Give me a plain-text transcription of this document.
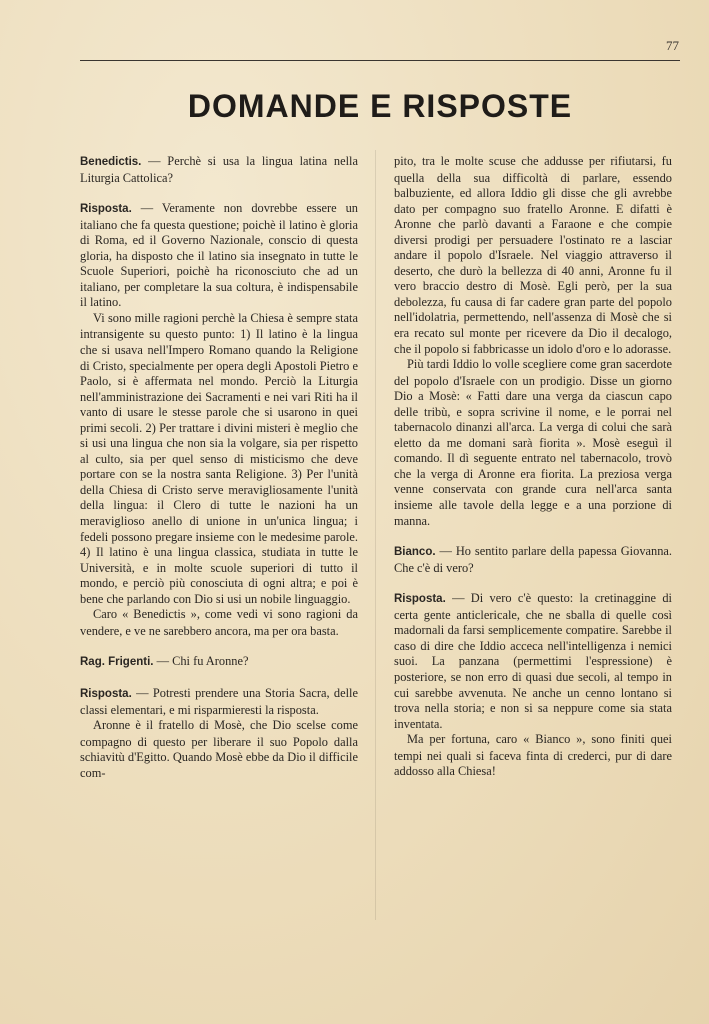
77
DOMANDE E RISPOSTE

Benedictis. — Perchè si usa la lingua latina nella Liturgia Cattolica?

Risposta. — Veramente non dovrebbe essere un italiano che fa questa questione; poichè il latino è gloria di Roma, ed il Governo Nazionale, conscio di questa gloria, ha disposto che il latino sia insegnato in tutte le Scuole Superiori, poichè ha riconosciuto che ad un italiano, per completare la sua coltura, è indispensabile il latino.

Vi sono mille ragioni perchè la Chiesa è sempre stata intransigente su questo punto: 1) Il latino è la lingua che si usava nell'Impero Romano quando la Religione di Cristo, specialmente per opera degli Apostoli Pietro e Paolo, si è affermata nel mondo. Perciò la Liturgia nell'amministrazione dei Sacramenti e nei vari Riti ha il vanto di usare le stesse parole che si usarono in quei primi secoli. 2) Per trattare i divini misteri è meglio che si usi una lingua che non sia la volgare, sia per rispetto al culto, sia per quel senso di misticismo che deve portare con se la nostra santa Religione. 3) Per l'unità della Chiesa di Cristo serve meravigliosamente l'unità della lingua: il Clero di tutte le nazioni ha un meraviglioso anello di unione in un'unica lingua; i fedeli possono pregare insieme con le medesime parole. 4) Il latino è una lingua classica, studiata in tutte le Università, e in molte scuole superiori di tutto il mondo, e perciò più conosciuta di ogni altra; e poi è bene che parlando con Dio si usi un nobile linguaggio.

Caro « Benedictis », come vedi vi sono ragioni da vendere, e ve ne sarebbero ancora, ma per ora basta.

Rag. Frigenti. — Chi fu Aronne?

Risposta. — Potresti prendere una Storia Sacra, delle classi elementari, e mi risparmieresti la risposta.

Aronne è il fratello di Mosè, che Dio scelse come compagno di questo per liberare il suo Popolo dalla schiavitù d'Egitto. Quando Mosè ebbe da Dio il difficile com-

pito, tra le molte scuse che addusse per rifiutarsi, fu quella della sua difficoltà di parlare, essendo balbuziente, ed allora Iddio gli disse che gli avrebbe dato per compagno suo fratello Aronne. E difatti è Aronne che parlò davanti a Faraone e che compie diversi prodigi per persuadere l'ostinato re a lasciar andare il popolo d'Israele. Nel viaggio attraverso il deserto, che durò la bellezza di 40 anni, Aronne fu il vero braccio destro di Mosè. Egli però, per la sua debolezza, fu causa di far cadere gran parte del popolo nell'idolatria, permettendo, nell'assenza di Mosè che si era recato sul monte per ricevere da Dio il decalogo, che il popolo si fabbricasse un idolo d'oro e lo adorasse.

Più tardi Iddio lo volle scegliere come gran sacerdote del popolo d'Israele con un prodigio. Disse un giorno Dio a Mosè: « Fatti dare una verga da ciascun capo delle tribù, e sopra scrivine il nome, e le porrai nel tabernacolo dinanzi all'arca. La verga di colui che sarà eletto da me domani sarà fiorita ». Mosè eseguì il comando. Il dì seguente entrato nel tabernacolo, trovò che la verga di Aronne era fiorita. La preziosa verga venne conservata con grande cura nell'arca santa insieme alle tavole della legge e a una porzione di manna.

Bianco. — Ho sentito parlare della papessa Giovanna. Che c'è di vero?

Risposta. — Di vero c'è questo: la cretinaggine di certa gente anticlericale, che ne sballa di quelle così madornali da farsi semplicemente compatire. Sarebbe il caso di dire che Iddio acceca nell'intelligenza i nemici suoi. La panzana (permettimi l'espressione) è posteriore, se non erro di quasi due secoli, al tempo in cui sarebbe avvenuta. Ne anche un cenno lontano si trova nella storia; e non si sa neppure come sia stata inventata.

Ma per fortuna, caro « Bianco », sono finiti quei tempi nei quali si faceva finta di crederci, pur di dare addosso alla Chiesa!
